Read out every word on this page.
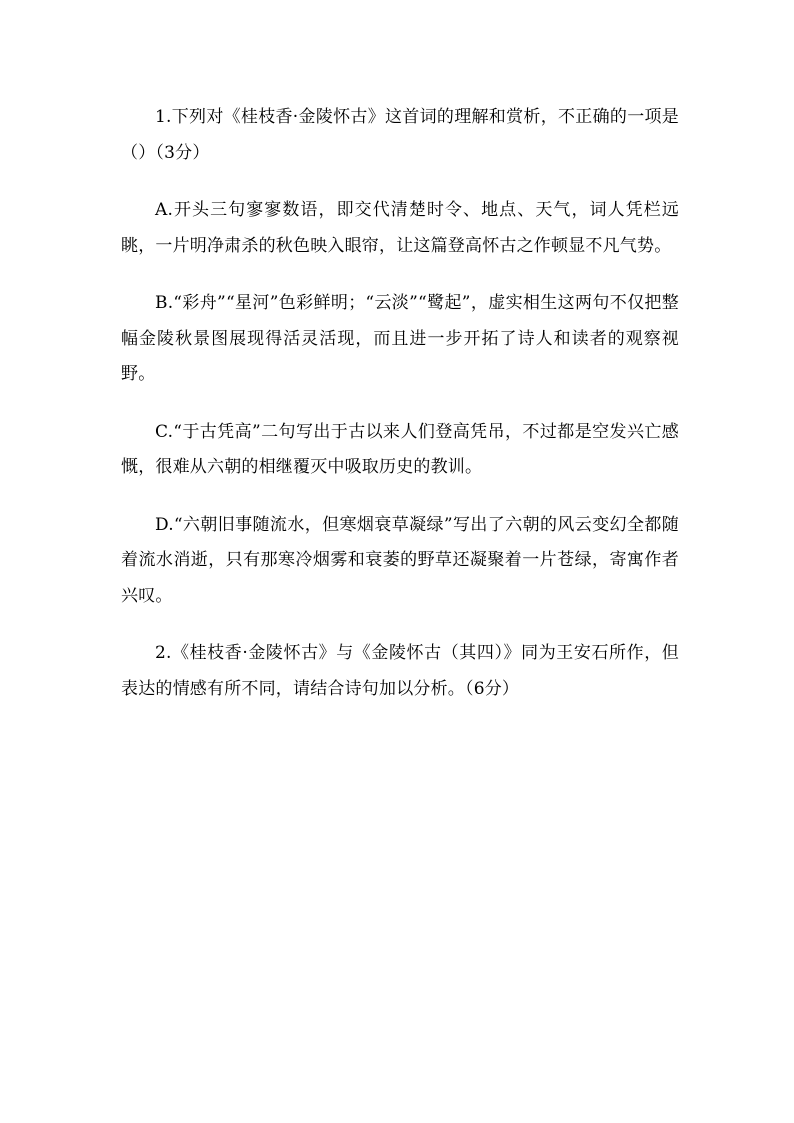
1.下列对《桂枝香·金陵怀古》这首词的理解和赏析，不正确的一项是（）（3分）

A.开头三句寥寥数语，即交代清楚时令、地点、天气，词人凭栏远眺，一片明净肃杀的秋色映入眼帘，让这篇登高怀古之作顿显不凡气势。

B.“彩舟”“星河”色彩鲜明；“云淡”“鹭起”，虚实相生这两句不仅把整幅金陵秋景图展现得活灵活现，而且进一步开拓了诗人和读者的观察视野。

C.“于古凭高”二句写出于古以来人们登高凭吊，不过都是空发兴亡感慨，很难从六朝的相继覆灭中吸取历史的教训。

D.“六朝旧事随流水，但寒烟衰草凝绿”写出了六朝的风云变幻全都随着流水消逝，只有那寒冷烟雾和衰萎的野草还凝聚着一片苍绿，寄寓作者兴叹。

2.《桂枝香·金陵怀古》与《金陵怀古（其四）》同为王安石所作，但表达的情感有所不同，请结合诗句加以分析。（6分）
